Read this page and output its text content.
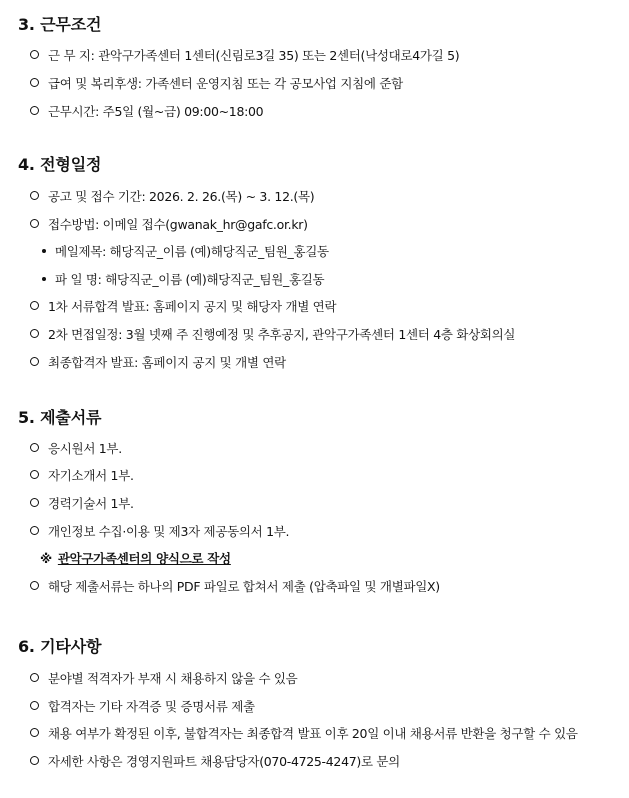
3. 근무조건
근 무 지: 관악구가족센터 1센터(신림로3길 35) 또는 2센터(낙성대로4가길 5)
급여 및 복리후생: 가족센터 운영지침 또는 각 공모사업 지침에 준함
근무시간: 주5일 (월~금) 09:00~18:00
4. 전형일정
공고 및 접수 기간: 2026. 2. 26.(목) ~ 3. 12.(목)
접수방법: 이메일 접수(gwanak_hr@gafc.or.kr)
메일제목: 해당직군_이름 (예)해당직군_팀원_홍길동
파 일 명: 해당직군_이름 (예)해당직군_팀원_홍길동
1차 서류합격 발표: 홈페이지 공지 및 해당자 개별 연락
2차 면접일정: 3월 넷째 주 진행예정 및 추후공지, 관악구가족센터 1센터 4층 화상회의실
최종합격자 발표: 홈페이지 공지 및 개별 연락
5. 제출서류
응시원서 1부.
자기소개서 1부.
경력기술서 1부.
개인정보 수집·이용 및 제3자 제공동의서 1부.
※ 관악구가족센터의 양식으로 작성
해당 제출서류는 하나의 PDF 파일로 합쳐서 제출 (압축파일 및 개별파일X)
6. 기타사항
분야별 적격자가 부재 시 채용하지 않을 수 있음
합격자는 기타 자격증 및 증명서류 제출
채용 여부가 확정된 이후, 불합격자는 최종합격 발표 이후 20일 이내 채용서류 반환을 청구할 수 있음
자세한 사항은 경영지원파트 채용담당자(070-4725-4247)로 문의
